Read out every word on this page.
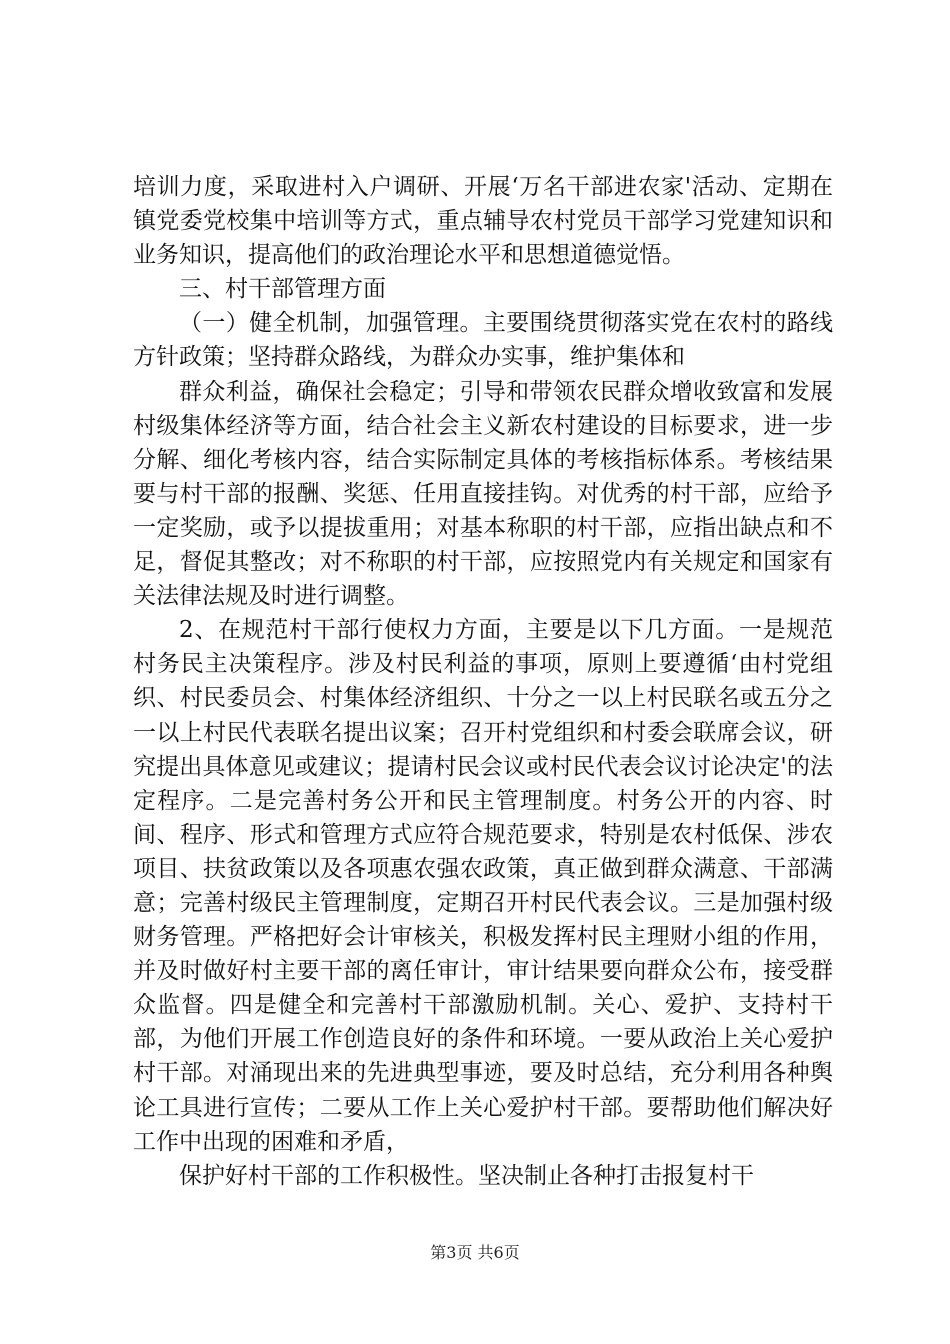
培训力度，采取进村入户调研、开展‘万名干部进农家'活动、定期在镇党委党校集中培训等方式，重点辅导农村党员干部学习党建知识和业务知识，提高他们的政治理论水平和思想道德觉悟。

三、村干部管理方面

（一）健全机制，加强管理。主要围绕贯彻落实党在农村的路线方针政策；坚持群众路线，为群众办实事，维护集体和

群众利益，确保社会稳定；引导和带领农民群众增收致富和发展村级集体经济等方面，结合社会主义新农村建设的目标要求，进一步分解、细化考核内容，结合实际制定具体的考核指标体系。考核结果要与村干部的报酬、奖惩、任用直接挂钩。对优秀的村干部，应给予一定奖励，或予以提拔重用；对基本称职的村干部，应指出缺点和不足，督促其整改；对不称职的村干部，应按照党内有关规定和国家有关法律法规及时进行调整。

2、在规范村干部行使权力方面，主要是以下几方面。一是规范村务民主决策程序。涉及村民利益的事项，原则上要遵循‘由村党组织、村民委员会、村集体经济组织、十分之一以上村民联名或五分之一以上村民代表联名提出议案；召开村党组织和村委会联席会议，研究提出具体意见或建议；提请村民会议或村民代表会议讨论决定'的法定程序。二是完善村务公开和民主管理制度。村务公开的内容、时间、程序、形式和管理方式应符合规范要求，特别是农村低保、涉农项目、扶贫政策以及各项惠农强农政策，真正做到群众满意、干部满意；完善村级民主管理制度，定期召开村民代表会议。三是加强村级财务管理。严格把好会计审核关，积极发挥村民主理财小组的作用，并及时做好村主要干部的离任审计，审计结果要向群众公布，接受群众监督。四是健全和完善村干部激励机制。关心、爱护、支持村干部，为他们开展工作创造良好的条件和环境。一要从政治上关心爱护村干部。对涌现出来的先进典型事迹，要及时总结，充分利用各种舆论工具进行宣传；二要从工作上关心爱护村干部。要帮助他们解决好工作中出现的困难和矛盾，

保护好村干部的工作积极性。坚决制止各种打击报复村干

第3页 共6页
